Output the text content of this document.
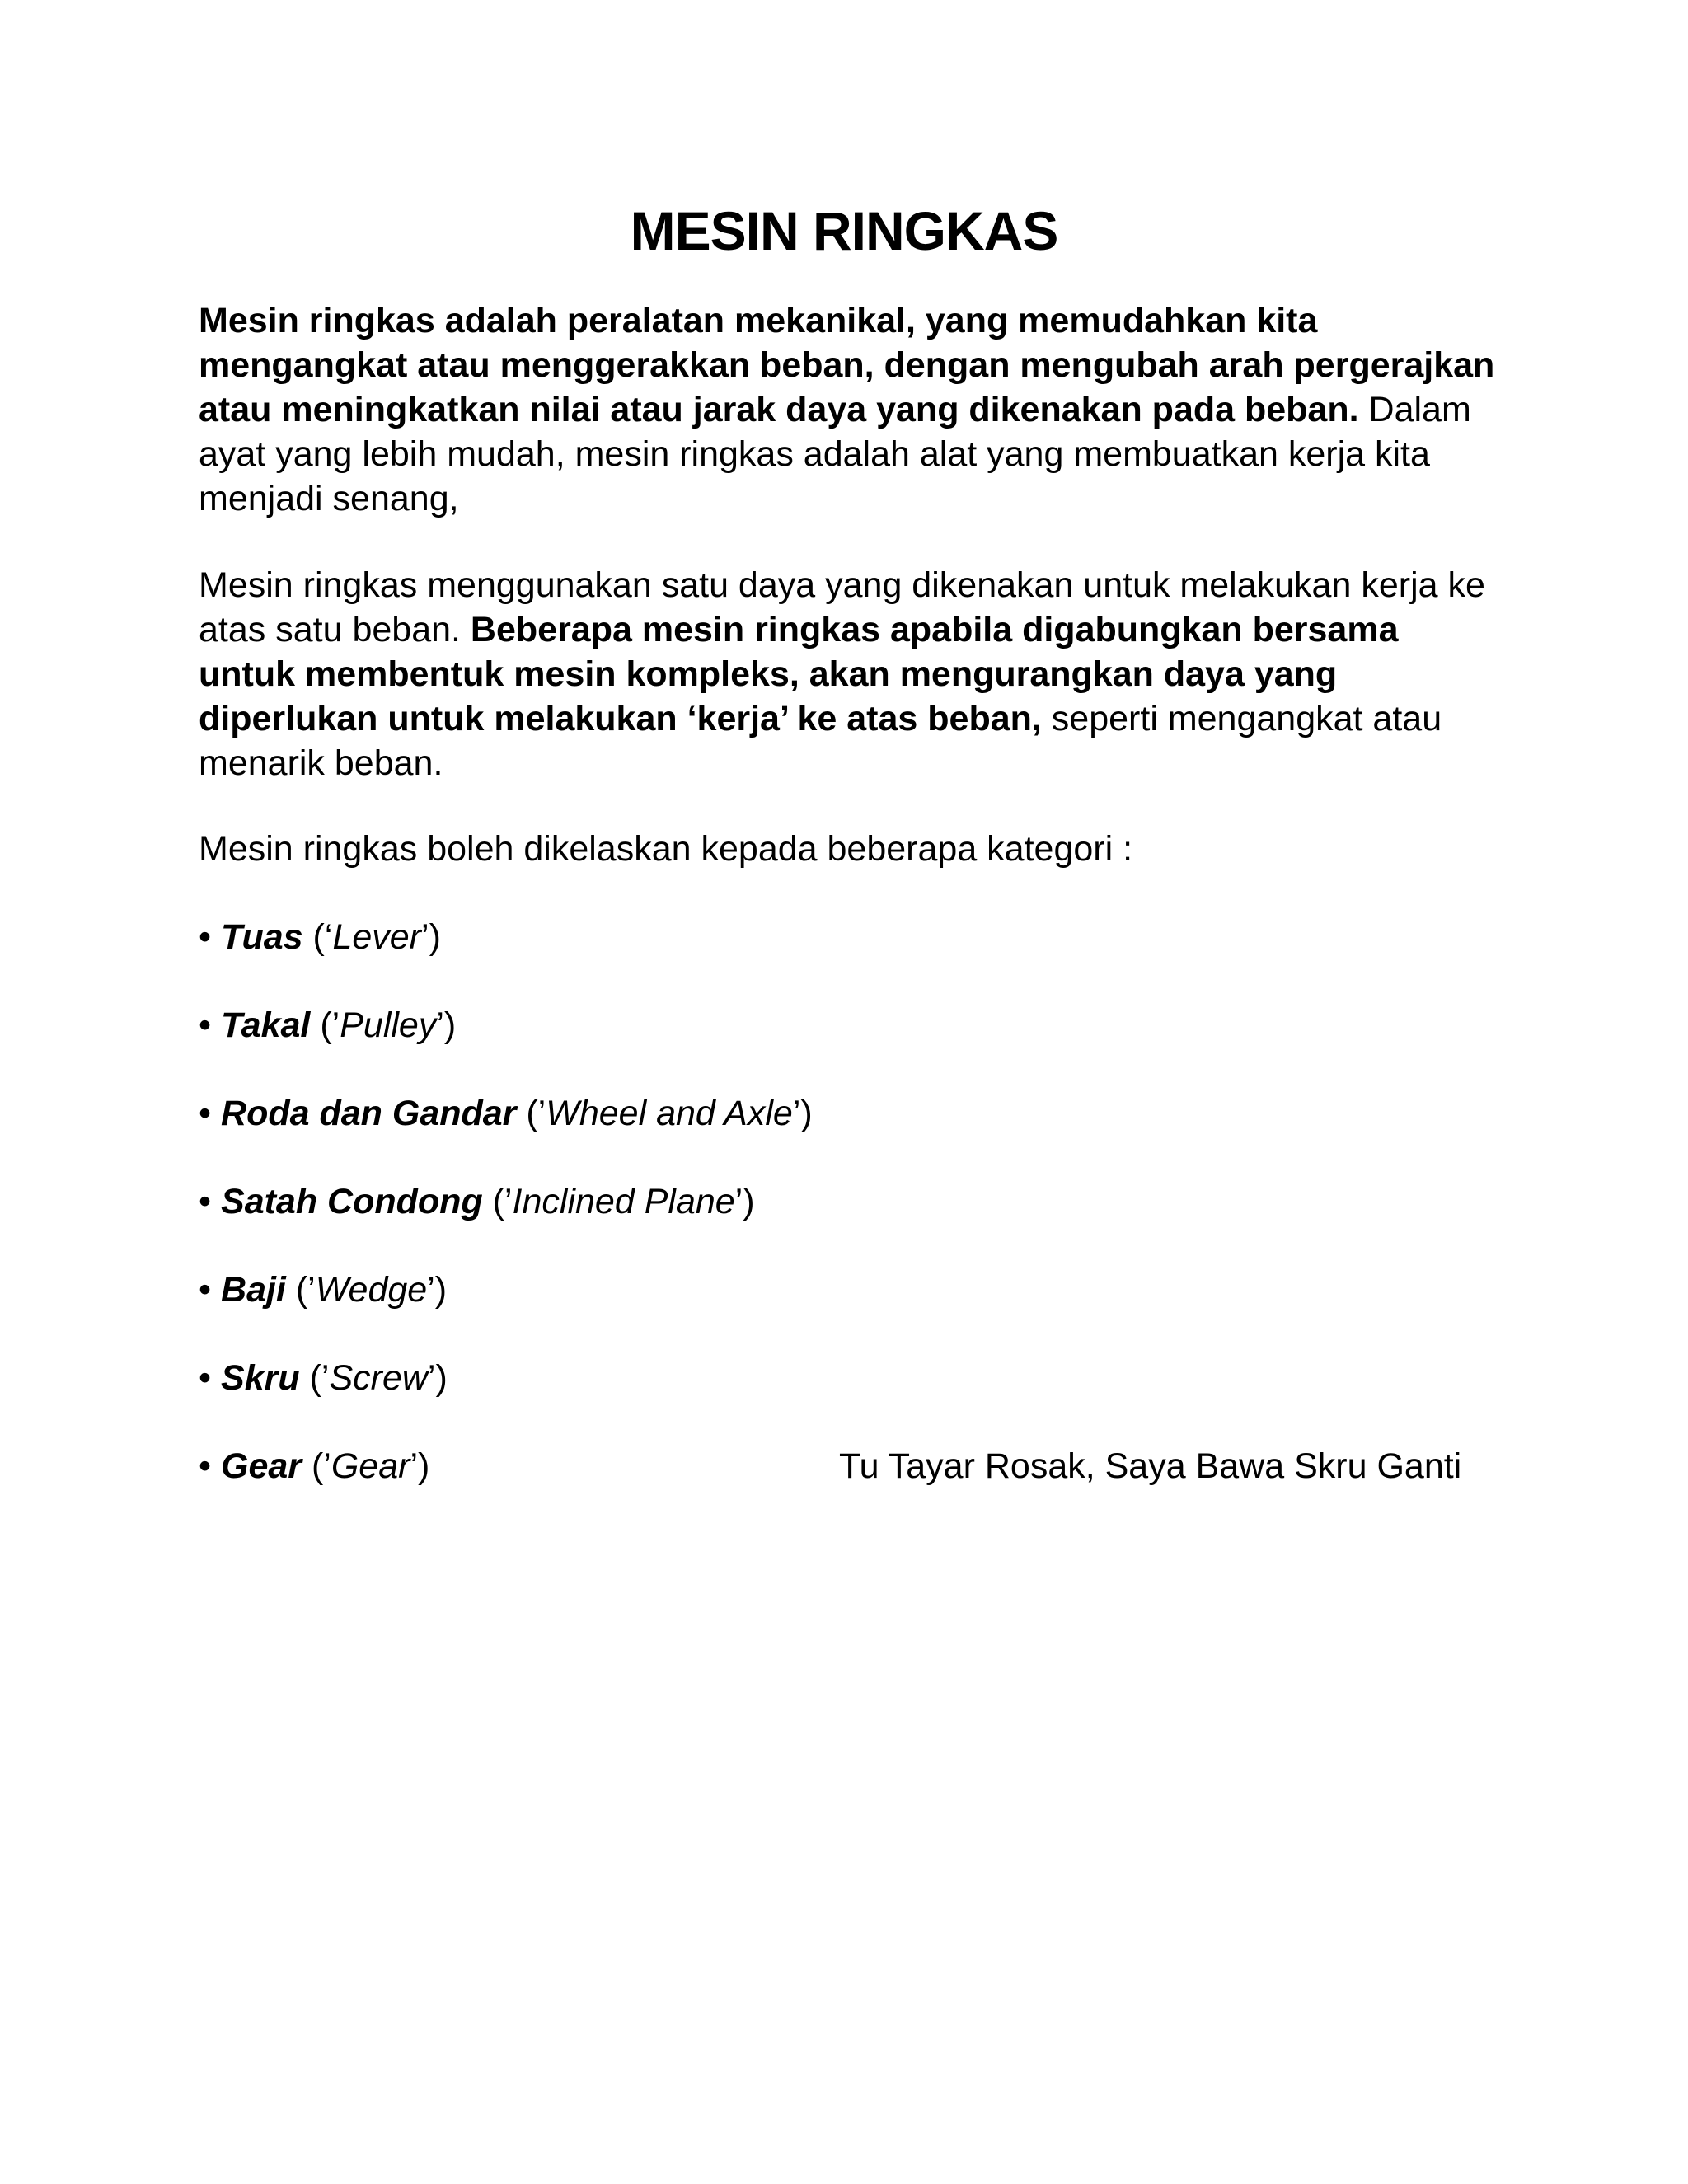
MESIN RINGKAS

Mesin ringkas adalah peralatan mekanikal, yang memudahkan kita mengangkat atau menggerakkan beban, dengan mengubah arah pergerajkan atau meningkatkan nilai atau jarak daya yang dikenakan pada beban. Dalam ayat yang lebih mudah, mesin ringkas adalah alat yang membuatkan kerja kita menjadi senang,

Mesin ringkas menggunakan satu daya yang dikenakan untuk melakukan kerja ke atas satu beban. Beberapa mesin ringkas apabila digabungkan bersama untuk membentuk mesin kompleks, akan mengurangkan daya yang diperlukan untuk melakukan ‘kerja’ ke atas beban, seperti mengangkat atau menarik beban.

Mesin ringkas boleh dikelaskan kepada beberapa kategori :

• Tuas (‘Lever’)
• Takal (’Pulley’)
• Roda dan Gandar (’Wheel and Axle’)
• Satah Condong (’Inclined Plane’)
• Baji (’Wedge’)
• Skru (’Screw’)
• Gear (’Gear’)	Tu Tayar Rosak, Saya Bawa Skru Ganti
